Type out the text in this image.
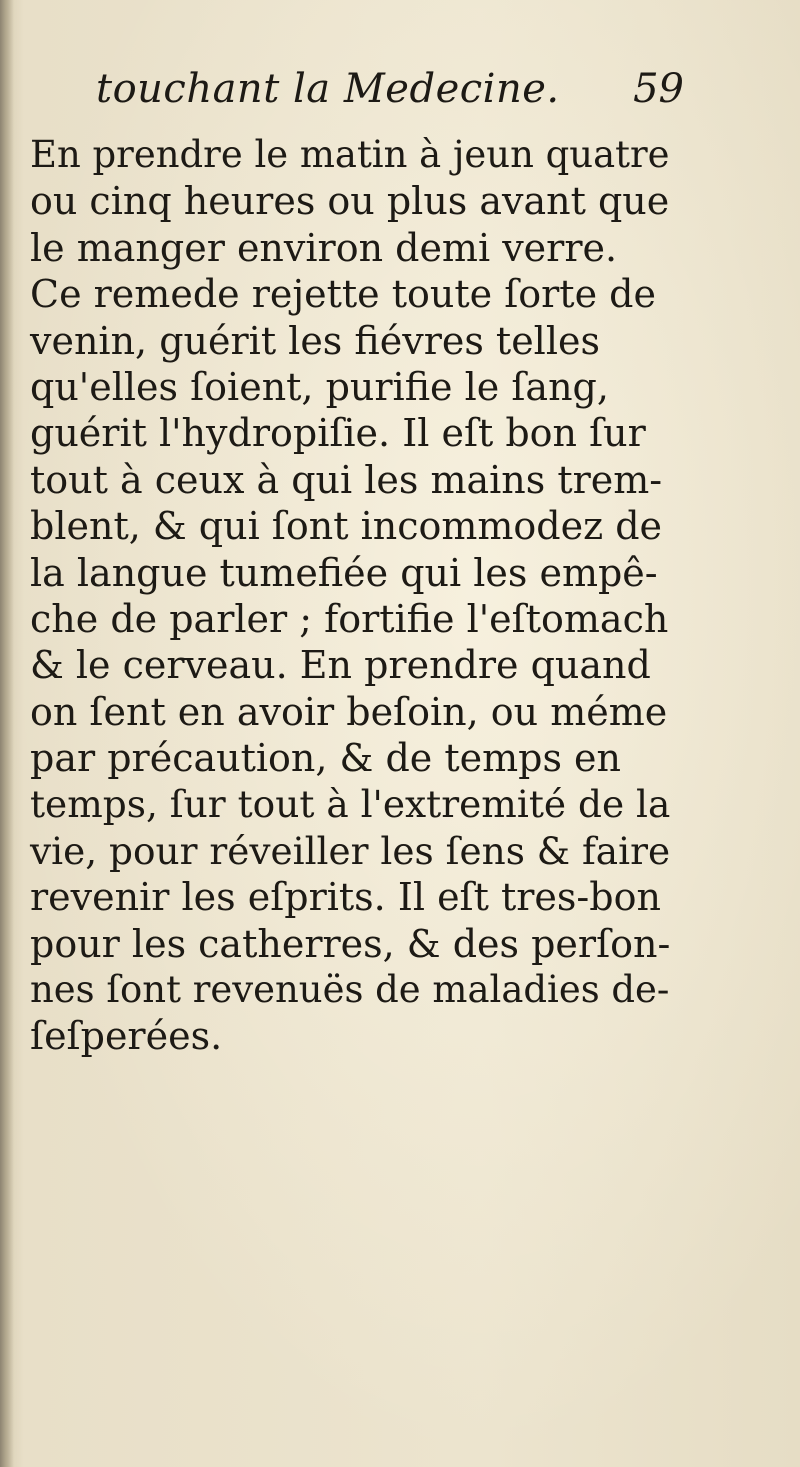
touchant la Medecine. 59
En prendre le matin à jeun quatre
ou cinq heures ou plus avant que
le manger environ demi verre.
Ce remede rejette toute ſorte de
venin, guérit les fiévres telles
qu'elles ſoient, purifie le ſang,
guérit l'hydropiſie. Il eſt bon ſur
tout à ceux à qui les mains trem-
blent, & qui ſont incommodez de
la langue tumefiée qui les empê-
che de parler ; fortifie l'eſtomach
& le cerveau. En prendre quand
on ſent en avoir beſoin, ou méme
par précaution, & de temps en
temps, ſur tout à l'extremité de la
vie, pour réveiller les ſens & faire
revenir les eſprits. Il eſt tres-bon
pour les catherres, & des perſon-
nes ſont revenuës de maladies de-
ſeſperées.
